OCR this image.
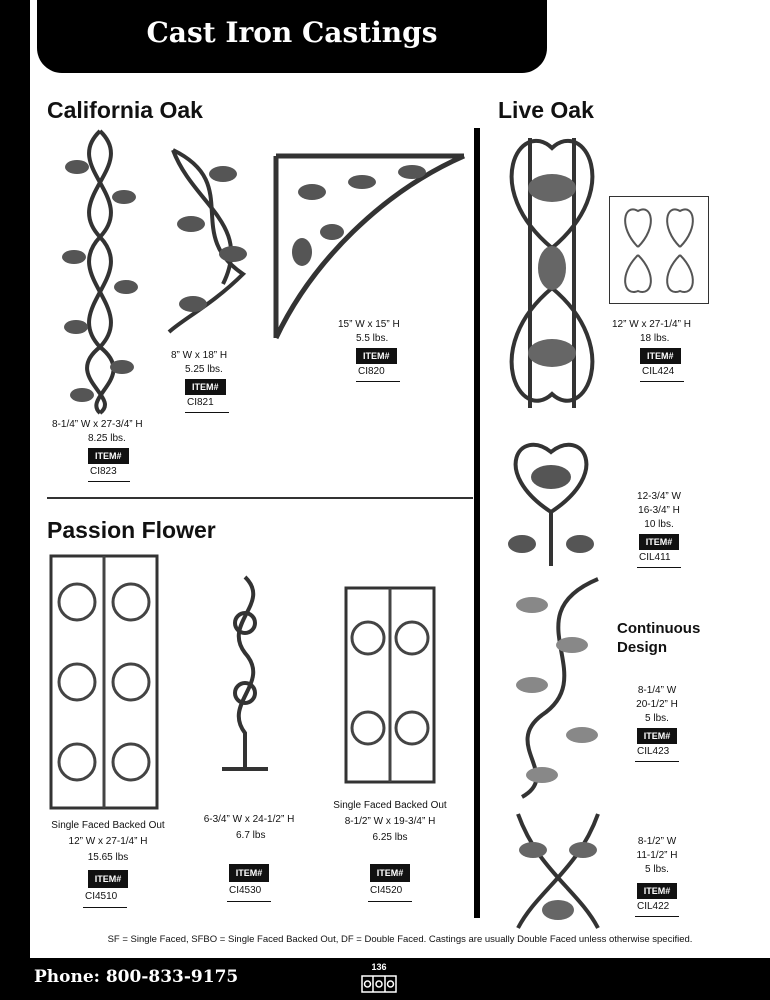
Cast Iron Castings
California Oak	Live Oak
Passion Flower
Continuous Design
8-1/4” W x 27-3/4” H
8.25 lbs.
ITEM#
CI823
8” W x 18” H
5.25 lbs.
ITEM#
CI821
15” W x 15” H
5.5 lbs.
ITEM#
CI820
12” W x 27-1/4” H
18 lbs.
ITEM#
CIL424
12-3/4” W
16-3/4” H
10 lbs.
ITEM#
CIL411
8-1/4” W
20-1/2” H
5 lbs.
ITEM#
CIL423
8-1/2” W
11-1/2” H
5 lbs.
ITEM#
CIL422
Single Faced Backed Out
12” W x 27-1/4” H
15.65 lbs
ITEM#
CI4510
6-3/4” W x 24-1/2” H
6.7 lbs
ITEM#
CI4530
Single Faced Backed Out
8-1/2” W x 19-3/4” H
6.25 lbs
ITEM#
CI4520
SF = Single Faced, SFBO = Single Faced Backed Out, DF = Double Faced. Castings are usually Double Faced unless otherwise specified.
Phone: 800-833-9175	136
